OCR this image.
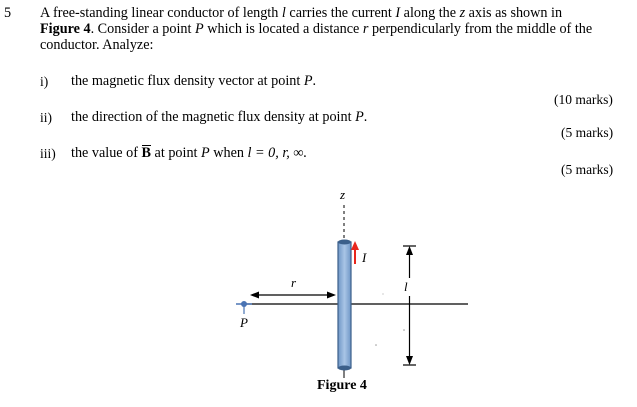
5 A free-standing linear conductor of length l carries the current I along the z axis as shown in
Figure 4. Consider a point P which is located a distance r perpendicularly from the middle of the
conductor. Analyze:
i) the magnetic flux density vector at point P.
(10 marks)
ii) the direction of the magnetic flux density at point P.
(5 marks)
iii) the value of B
at point P when l = 0, r, ∞.
(5 marks)
z
I
r
P
l
Figure 4
